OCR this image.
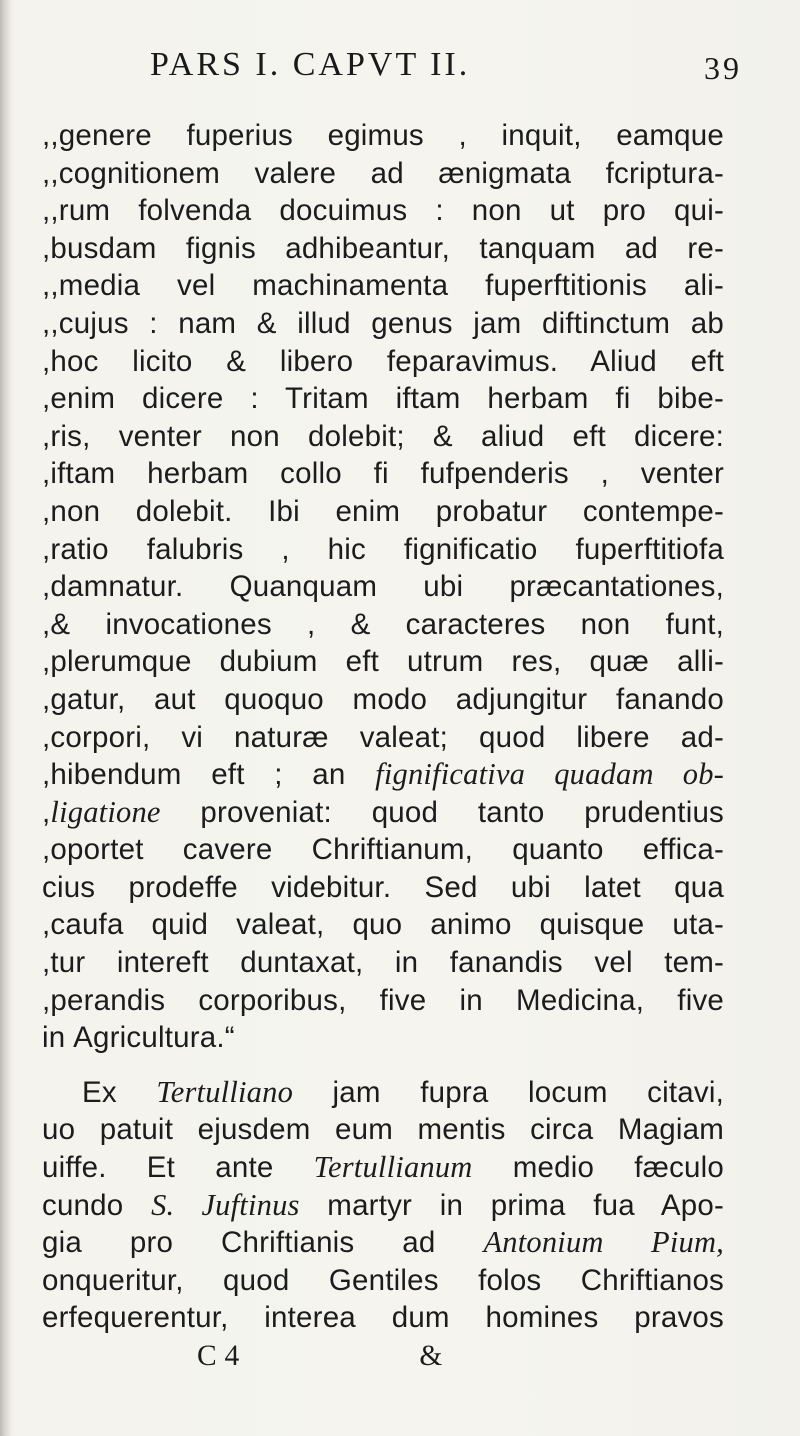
PARS I. CAPVT II.	39
,,genere fuperius egimus , inquit, eamque
,,cognitionem valere ad ænigmata fcriptura-
,,rum folvenda docuimus : non ut pro qui-
,busdam fignis adhibeantur, tanquam ad re-
,,media vel machinamenta fuperftitionis ali-
,,cujus : nam & illud genus jam diftinctum ab
,hoc licito & libero feparavimus. Aliud eft
,enim dicere : Tritam iftam herbam fi bibe-
,ris, venter non dolebit; & aliud eft dicere:
,iftam herbam collo fi fufpenderis , venter
,non dolebit. Ibi enim probatur contempe-
,ratio falubris , hic fignificatio fuperftitiofa
,damnatur. Quanquam ubi præcantationes,
,& invocationes , & caracteres non funt,
,plerumque dubium eft utrum res, quæ alli-
,gatur, aut quoquo modo adjungitur fanando
,corpori, vi naturæ valeat; quod libere ad-
,hibendum eft ; an fignificativa quadam ob-
,ligatione proveniat: quod tanto prudentius
,oportet cavere Chriftianum, quanto effica-
cius prodeffe videbitur. Sed ubi latet qua
,caufa quid valeat, quo animo quisque uta-
,tur intereft duntaxat, in fanandis vel tem-
,perandis corporibus, five in Medicina, five
in Agricultura.“
Ex Tertulliano jam fupra locum citavi,
uo patuit ejusdem eum mentis circa Magiam
uiffe. Et ante Tertullianum medio fæculo
cundo S. Juftinus martyr in prima fua Apo-
gia pro Chriftianis ad Antonium Pium,
onqueritur, quod Gentiles folos Chriftianos
erfequerentur, interea dum homines pravos
C 4	&
